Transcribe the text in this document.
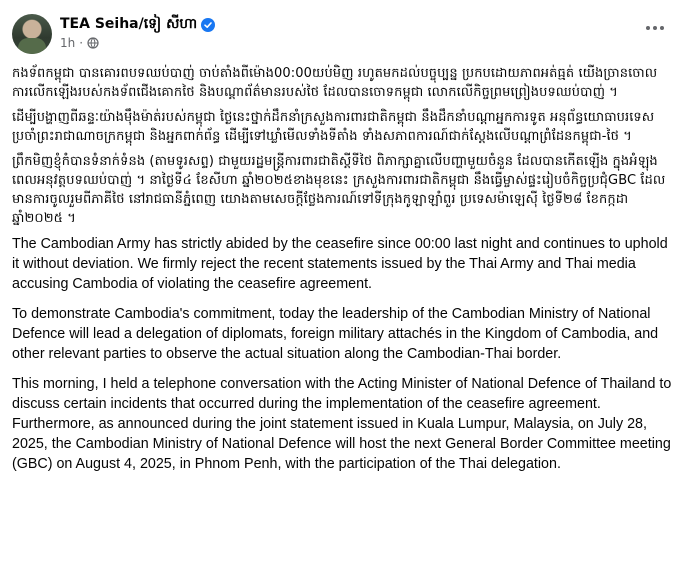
TEA Seiha/ទៀ សីហា
1h ·

កងទ័ពកម្ពុជា បានគោរពបទឈប់បាញ់ ចាប់តាំងពីម៉ោង00:00យប់មិញ រហូតមកដល់បច្ចុប្បន្ន ប្រកបដោយភាពអត់ធ្មត់ យើងច្រានចោលការលើកឡើងរបស់កងទ័ពជើងគោកថៃ និងបណ្ដាព័ត៌មានរបស់ថៃ ដែលបានចោទកម្ពុជា លោកលើកិច្ចព្រមព្រៀងបទឈប់បាញ់ ។

ដើម្បីបង្ហាញពីឆន្ទៈយ៉ាងម៉ឹងម៉ាត់របស់កម្ពុជា ថ្ងៃនេះថ្នាក់ដឹកនាំក្រសួងការពារជាតិកម្ពុជា នឹងដឹកនាំបណ្ដាអ្នកការទូត អនុព័ន្ធយោធាបរទេស ប្រចាំព្រះរាជាណាចក្រកម្ពុជា និងអ្នកពាក់ព័ន្ធ ដើម្បីទៅឃ្លាំមើលទាំងទីតាំង ទាំងសភាពការណ៍ជាក់ស្ដែងលើបណ្ដាព្រំដែនកម្ពុជា-ថៃ ។

ព្រឹកមិញខ្ញុំកំបានទំនាក់ទំនង (តាមទូរសព្ទ) ជាមួយរដ្ឋមន្ត្រីការពារជាតិស្ដីទីថៃ ពិភាក្សាគ្នាលើបញ្ហាមួយចំនួន ដែលបានកើតឡើង ក្នុងអំឡុងពេលអនុវត្តបទឈប់បាញ់ ។ នាថ្ងៃទី៤ ខែសីហា ឆ្នាំ២០២៥ខាងមុខនេះ ក្រសួងការពារជាតិកម្ពុជា នឹងធ្វើម្ចាស់ផ្ទះរៀបចំកិច្ចប្រជុំGBC ដែលមានការចូលរួមពីភាគីថៃ នៅរាជធានីភ្នំពេញ យោងតាមសេចក្ដីថ្លែងការណ៍ទៅទីក្រុងកូឡាឡាំពួរ ប្រទេសម៉ាឡេស៊ី ថ្ងៃទី២៨ ខែកក្កដា ឆ្នាំ២០២៥ ។

The Cambodian Army has strictly abided by the ceasefire since 00:00 last night and continues to uphold it without deviation. We firmly reject the recent statements issued by the Thai Army and Thai media accusing Cambodia of violating the ceasefire agreement.

To demonstrate Cambodia's commitment, today the leadership of the Cambodian Ministry of National Defence will lead a delegation of diplomats, foreign military attachés in the Kingdom of Cambodia, and other relevant parties to observe the actual situation along the Cambodian-Thai border.

This morning, I held a telephone conversation with the Acting Minister of National Defence of Thailand to discuss certain incidents that occurred during the implementation of the ceasefire agreement. Furthermore, as announced during the joint statement issued in Kuala Lumpur, Malaysia, on July 28, 2025, the Cambodian Ministry of National Defence will host the next General Border Committee meeting (GBC) on August 4, 2025, in Phnom Penh, with the participation of the Thai delegation.
